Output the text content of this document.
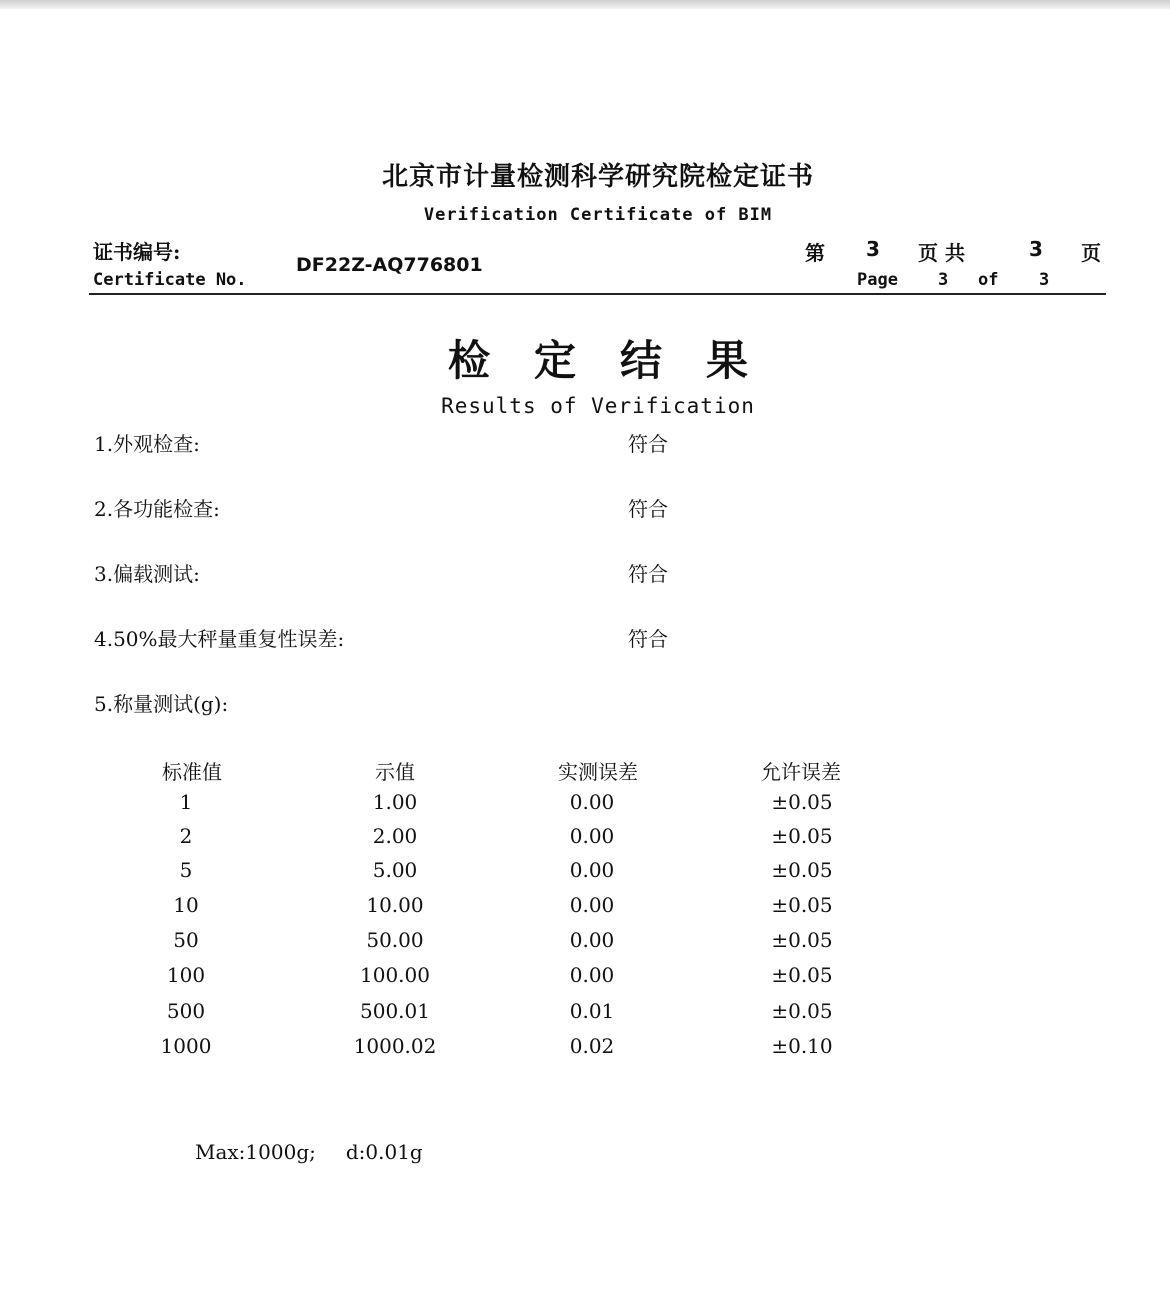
北京市计量检测科学研究院检定证书
Verification Certificate of BIM
证书编号:
Certificate No.
DF22Z-AQ776801	第 3 页 共	3 页
Page 3 of 3
检定结果
Results of Verification
1.外观检查:	符合
2.各功能检查:	符合
3.偏载测试:	符合
4.50%最大秤量重复性误差:	符合
5.称量测试(g):
标准值	示值	实测误差	允许误差
1	1.00	0.00	±0.05
2	2.00	0.00	±0.05
5	5.00	0.00	±0.05
10	10.00	0.00	±0.05
50	50.00	0.00	±0.05
100	100.00	0.00	±0.05
500	500.01	0.01	±0.05
1000	1000.02	0.02	±0.10
Max:1000g; d:0.01g
